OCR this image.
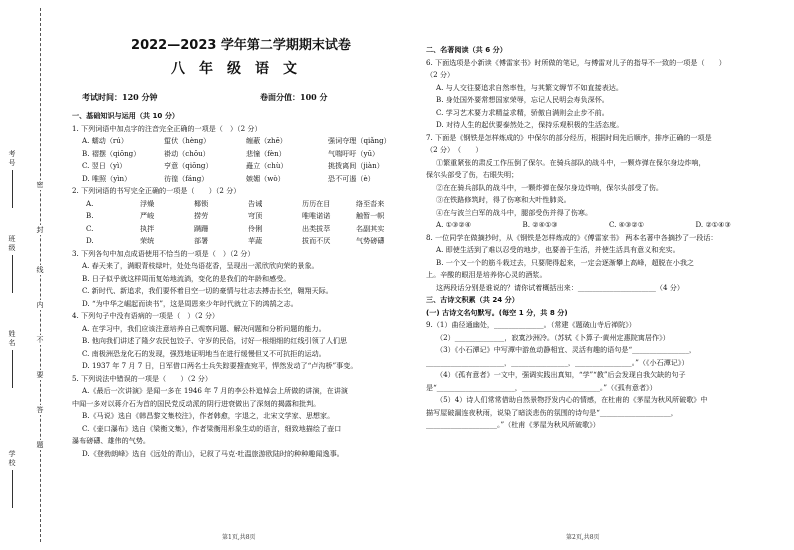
考号
班级
姓名
学校
密
封
线
内
不
要
答
题
2022—2023 学年第二学期期末试卷
八年级语文
考试时间：120 分钟	卷面分值：100 分

一、基础知识与运用（共 10 分）

1. 下列词语中加点字的注音完全正确的一项是（　）（2 分）

A. 蠕动（rú）	蜇伏（hèng）	缠蔽（zhē）	强词夺理（qiǎng）
B. 褶摆（qiōng）	褂动（chōu）	悲憧（fèn）	气喘吁吁（yū）
C. 翌日（yì）	亨意（qiōng）	矗立（chù）	挑拨离间（jiàn）
D. 唯照（yìn）	彷徨（fáng）	嫉媚（wò）	恐不可遏（è）

2. 下列词语的书写完全正确的一项是（　　）（2 分）

A.	浮燥	椰锁	告诫	历历在目	络至沓来
B.	严峻	捞劳	穹顶	唯唯诺诺	触暂一帜
C.	执拌	蹒跚	伶俐	出类拔萃	名副其实
D.	荣统	部署	苹蔬	拔而不厌	气势磅礴

3. 下列各句中加点成语使用不恰当的一项是（　）（2 分）

A. 春天来了，满眼青枝绿叶，处处鸟语花香，呈现出一派欣欣向荣的景象。

B. 日子似乎就这样周而复始地流淌，变化的是我们的年龄和感受。

C. 新时代、新追求，我们要怀着目空一切的豪情与壮志去搏击长空，翱翔天际。

D. “为中华之崛起而读书”，这是周恩来少年时代就立下的鸿鹄之志。

4. 下列句子中没有语病的一项是（　）（2 分）

A. 在学习中，我们应该注意培养自己观察问题、解决问题和分析问题的能力。

B. 他向我们讲述了隆夕农民包饺子、守岁的民俗，讨好一根细细的红线引领了人们思

C. 南极洲恐龙化石的发现，强烈地证明地当在进行缓慢但又不可抗拒的运动。

D. 1937 年 7 月 7 日，日军借口两名士兵失踪要搜查宛平，悍然发动了“卢沟桥”事变。

5. 下列说法中错误的一项是（　　）（2 分）

A.《最后一次讲演》是闻一多在 1946 年 7 月的李公朴追悼会上所做的讲演，在讲演

中闻一多对以蒋介石为首的国民党反动派的阴行进衰做出了深刻的揭露和批判。

B.《马说》选自《韩昌黎文集校注》，作者韩愈，字退之，北宋文学家、思想家。

C.《壶口瀑布》选自《梁衡文集》，作者梁衡用形象生动的语言，细致地描绘了壶口

瀑布磅礴、雄伟的气势。

D.《登勃朗峰》选自《远处的青山》，记叙了马克·吐温旅游欧陆时的种种趣闻逸事。

第1页,共8页

二、名著阅读（共 6 分）

6. 下面选项是小新读《傅雷家书》时所做的笔记，与傅雷对儿子的指导不一致的一项是（　　）

（2 分）

A. 与人交往要追求自然率性，与其繁文缛节不如直接表达。

B. 身处国外要常想国家荣辱，忘记人民明会寿负深怀。

C. 学习艺术要力求精益求精，骄傲自满则会止步不前。

D. 对待人生的起伏要泰然处之，保持乐观积极的生活态度。

7. 下面是《钢铁是怎样炼成的》中保尔的部分经历，根据时间先后顺序，排序正确的一项是

（2 分）　（　　）

①繁重紧张的肃反工作压倒了保尔。在骑兵部队的战斗中，一颗炸弹在保尔身边炸响，

保尔头部受了伤，右眼失明；

②在在骑兵部队的战斗中，一颗炸弹在保尔身边炸响，保尔头部受了伤。

③在铁路修筑时，得了伤寒和大叶性肺炎。

④在与波兰白军的战斗中，腿部受伤并得了伤寒。

A. ①③②④	B. ②④①③	C. ④③②①	D. ②①④③

8. 一位同学在做摘抄时，从《钢铁是怎样炼成的》《傅雷家书》 两本名著中各摘抄了一段话：

A. 即使生活到了难以忍受的地步，也要善于生活，并使生活具有意义和充实。

B. 一个又一个的筋斗栽过去，只要爬得起来，一定会逐渐攀上高峰，超脱在小我之

上。辛酸的眼泪是培养你心灵的酒浆。

这两段话分别是谁说的？请你试着概括出来：______________________（4 分）

三、古诗文积累（共 24 分）

(一) 古诗文名句默写。(每空 1 分，共 8 分)

9.（1）曲径通幽处，______________。（常建《题破山寺后禅院》）

（2）______________，寂寞沙洲冷。（苏轼《卜算子·黄州定惠院寓居作》）

（3）《小石潭记》中写潭中游鱼动静相宜、灵活有趣的语句是“________________，

______________________，________________，________________。”（《小石潭记》）

（4）《孤有意者》一文中，强调实践出真知，“学”“教”后会发现自我欠缺的句子

是“______________________，______________________。”（《孤有意者》）

（5）4）诗人们常常借助自然景物抒发内心的情感，在杜甫的《茅屋为秋风所破歌》中

描写屋破漏连夜秋雨，说染了暗淡悲伤的氛围的诗句是“____________________，

____________________。”（杜甫《茅屋为秋风所破歌》）

第2页,共8页
